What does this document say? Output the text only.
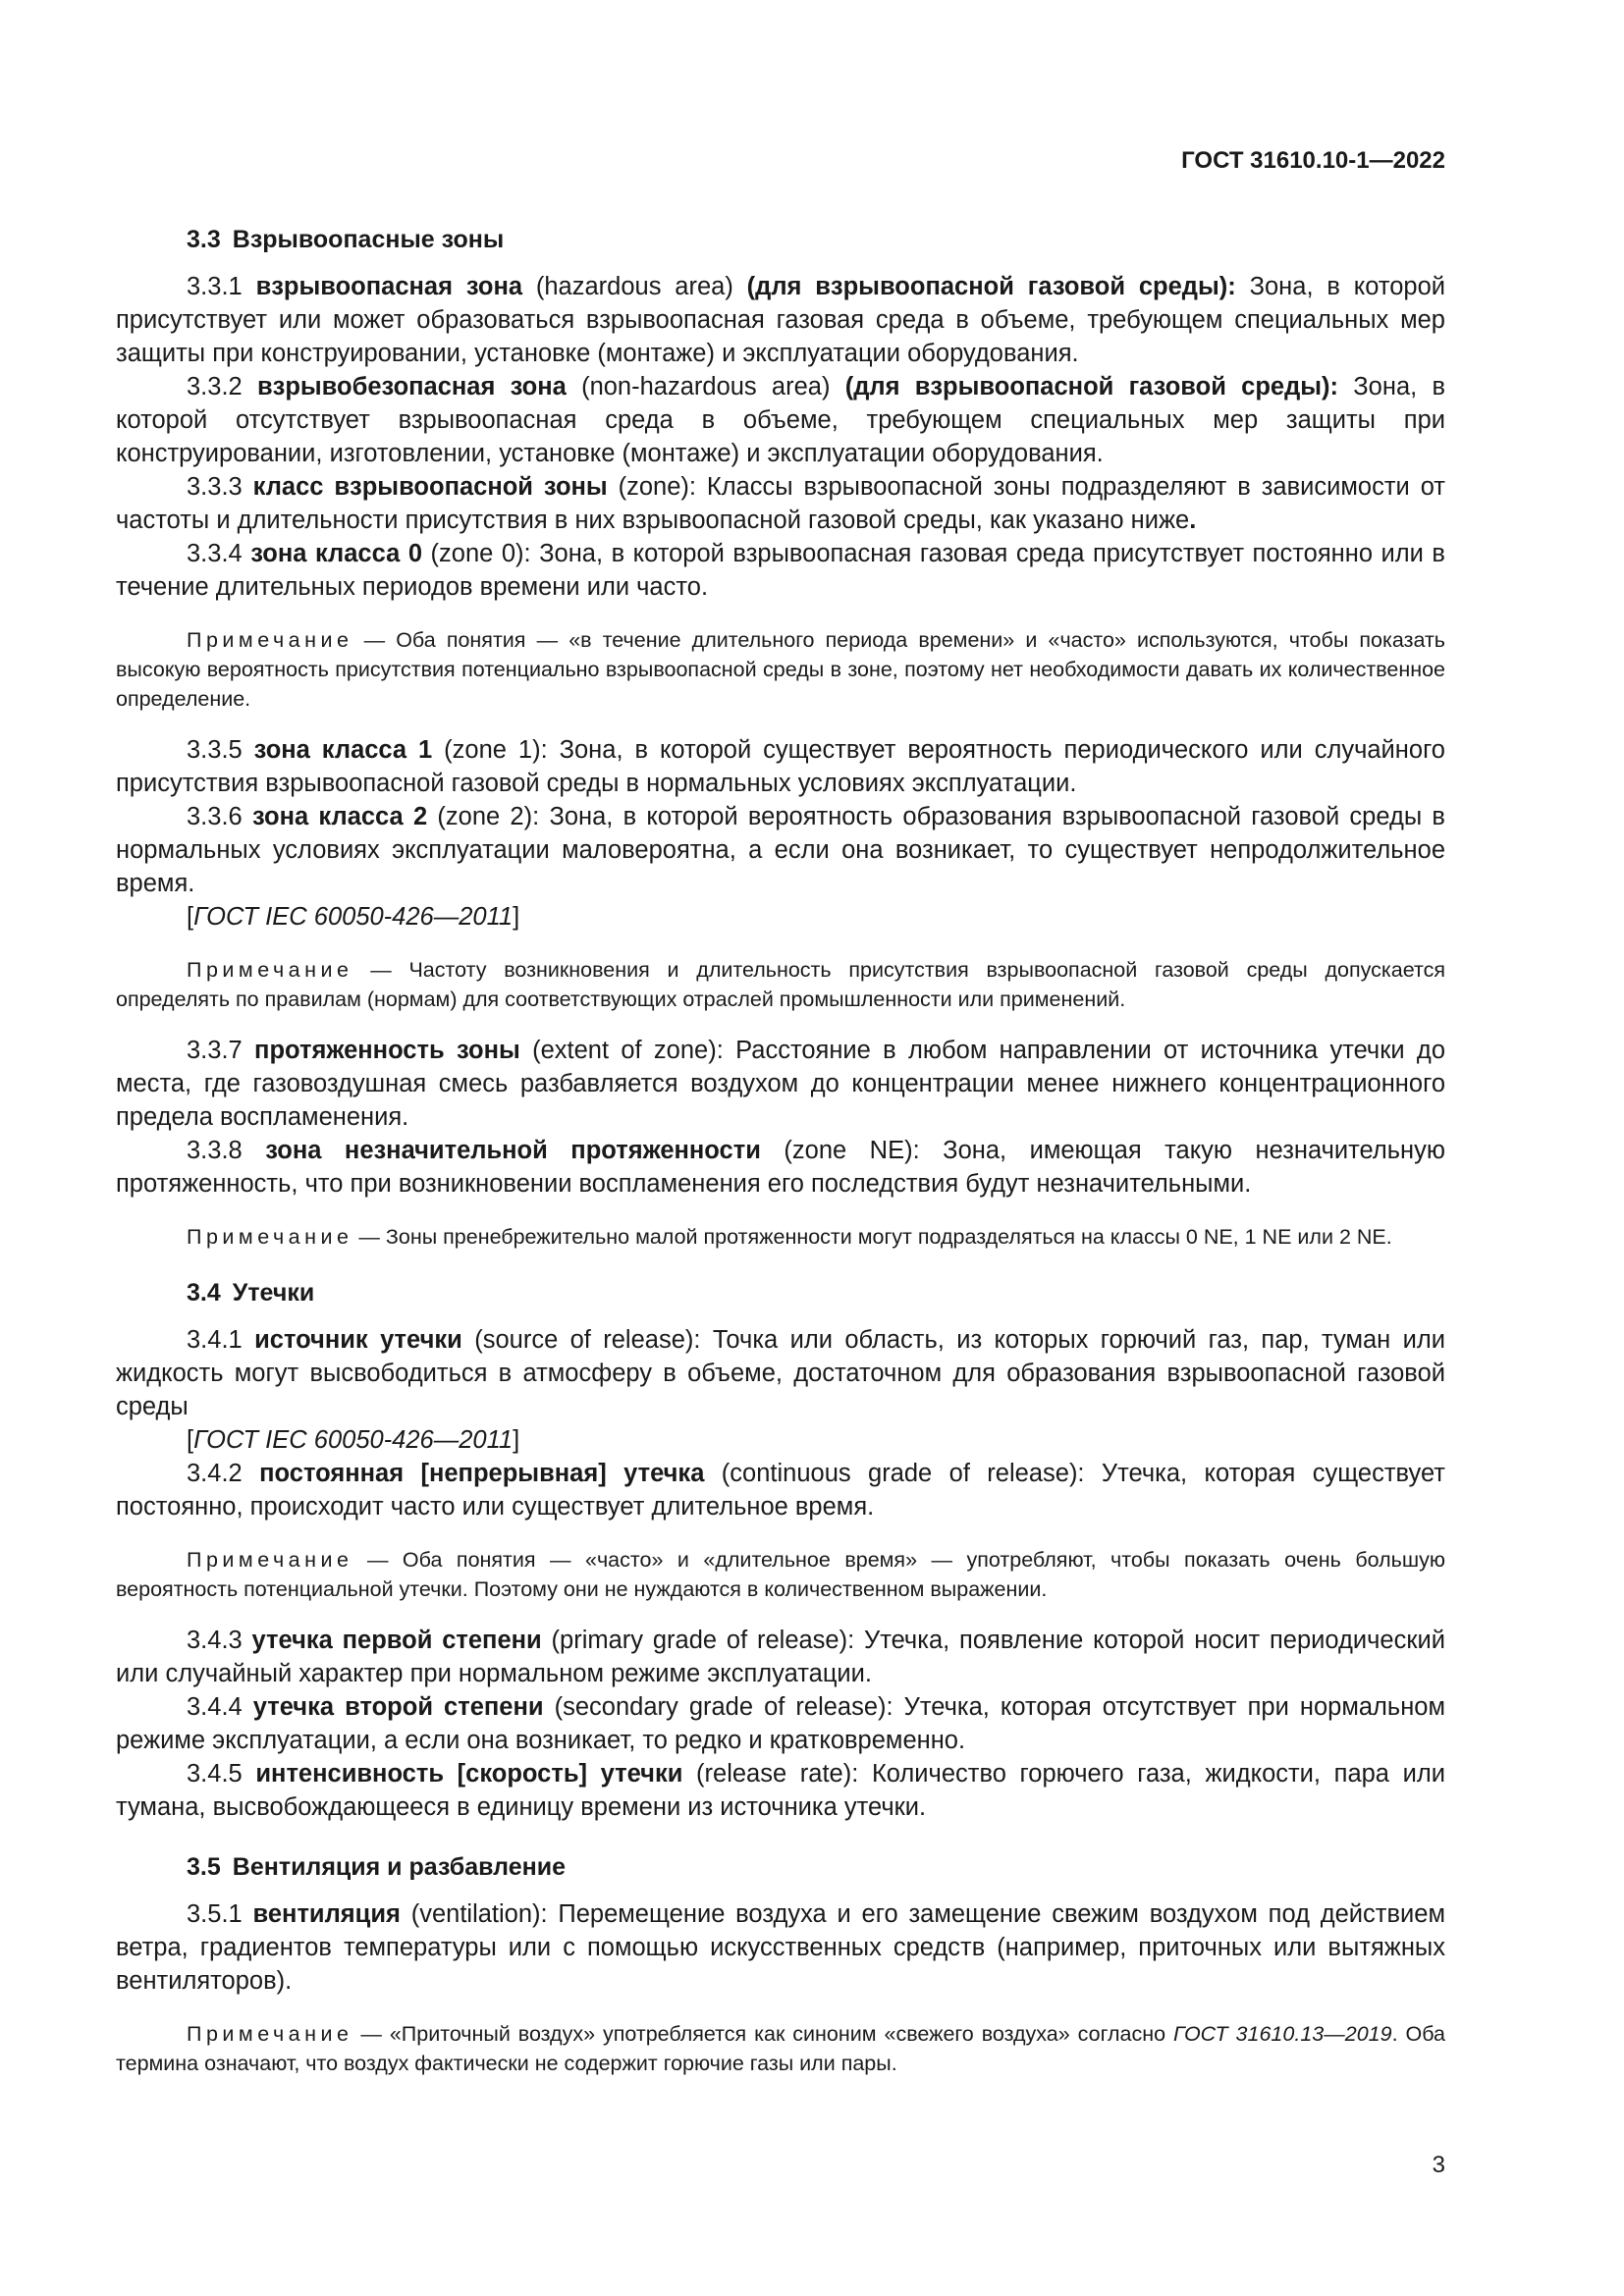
ГОСТ 31610.10-1—2022
3.3 Взрывоопасные зоны

3.3.1 взрывоопасная зона (hazardous area) (для взрывоопасной газовой среды): Зона, в которой присутствует или может образоваться взрывоопасная газовая среда в объеме, требующем специальных мер защиты при конструировании, установке (монтаже) и эксплуатации оборудования.

3.3.2 взрывобезопасная зона (non-hazardous area) (для взрывоопасной газовой среды): Зона, в которой отсутствует взрывоопасная среда в объеме, требующем специальных мер защиты при конструировании, изготовлении, установке (монтаже) и эксплуатации оборудования.

3.3.3 класс взрывоопасной зоны (zone): Классы взрывоопасной зоны подразделяют в зависимости от частоты и длительности присутствия в них взрывоопасной газовой среды, как указано ниже.

3.3.4 зона класса 0 (zone 0): Зона, в которой взрывоопасная газовая среда присутствует постоянно или в течение длительных периодов времени или часто.

Примечание — Оба понятия — «в течение длительного периода времени» и «часто» используются, чтобы показать высокую вероятность присутствия потенциально взрывоопасной среды в зоне, поэтому нет необходимости давать их количественное определение.

3.3.5 зона класса 1 (zone 1): Зона, в которой существует вероятность периодического или случайного присутствия взрывоопасной газовой среды в нормальных условиях эксплуатации.

3.3.6 зона класса 2 (zone 2): Зона, в которой вероятность образования взрывоопасной газовой среды в нормальных условиях эксплуатации маловероятна, а если она возникает, то существует непродолжительное время.

[ГОСТ IEC 60050-426—2011]

Примечание — Частоту возникновения и длительность присутствия взрывоопасной газовой среды допускается определять по правилам (нормам) для соответствующих отраслей промышленности или применений.

3.3.7 протяженность зоны (extent of zone): Расстояние в любом направлении от источника утечки до места, где газовоздушная смесь разбавляется воздухом до концентрации менее нижнего концентрационного предела воспламенения.

3.3.8 зона незначительной протяженности (zone NE): Зона, имеющая такую незначительную протяженность, что при возникновении воспламенения его последствия будут незначительными.

Примечание — Зоны пренебрежительно малой протяженности могут подразделяться на классы 0 NE, 1 NE или 2 NE.

3.4 Утечки

3.4.1 источник утечки (source of release): Точка или область, из которых горючий газ, пар, туман или жидкость могут высвободиться в атмосферу в объеме, достаточном для образования взрывоопасной газовой среды

[ГОСТ IEC 60050-426—2011]

3.4.2 постоянная [непрерывная] утечка (continuous grade of release): Утечка, которая существует постоянно, происходит часто или существует длительное время.

Примечание — Оба понятия — «часто» и «длительное время» — употребляют, чтобы показать очень большую вероятность потенциальной утечки. Поэтому они не нуждаются в количественном выражении.

3.4.3 утечка первой степени (primary grade of release): Утечка, появление которой носит периодический или случайный характер при нормальном режиме эксплуатации.

3.4.4 утечка второй степени (secondary grade of release): Утечка, которая отсутствует при нормальном режиме эксплуатации, а если она возникает, то редко и кратковременно.

3.4.5 интенсивность [скорость] утечки (release rate): Количество горючего газа, жидкости, пара или тумана, высвобождающееся в единицу времени из источника утечки.

3.5 Вентиляция и разбавление

3.5.1 вентиляция (ventilation): Перемещение воздуха и его замещение свежим воздухом под действием ветра, градиентов температуры или с помощью искусственных средств (например, приточных или вытяжных вентиляторов).

Примечание — «Приточный воздух» употребляется как синоним «свежего воздуха» согласно ГОСТ 31610.13—2019. Оба термина означают, что воздух фактически не содержит горючие газы или пары.

3
